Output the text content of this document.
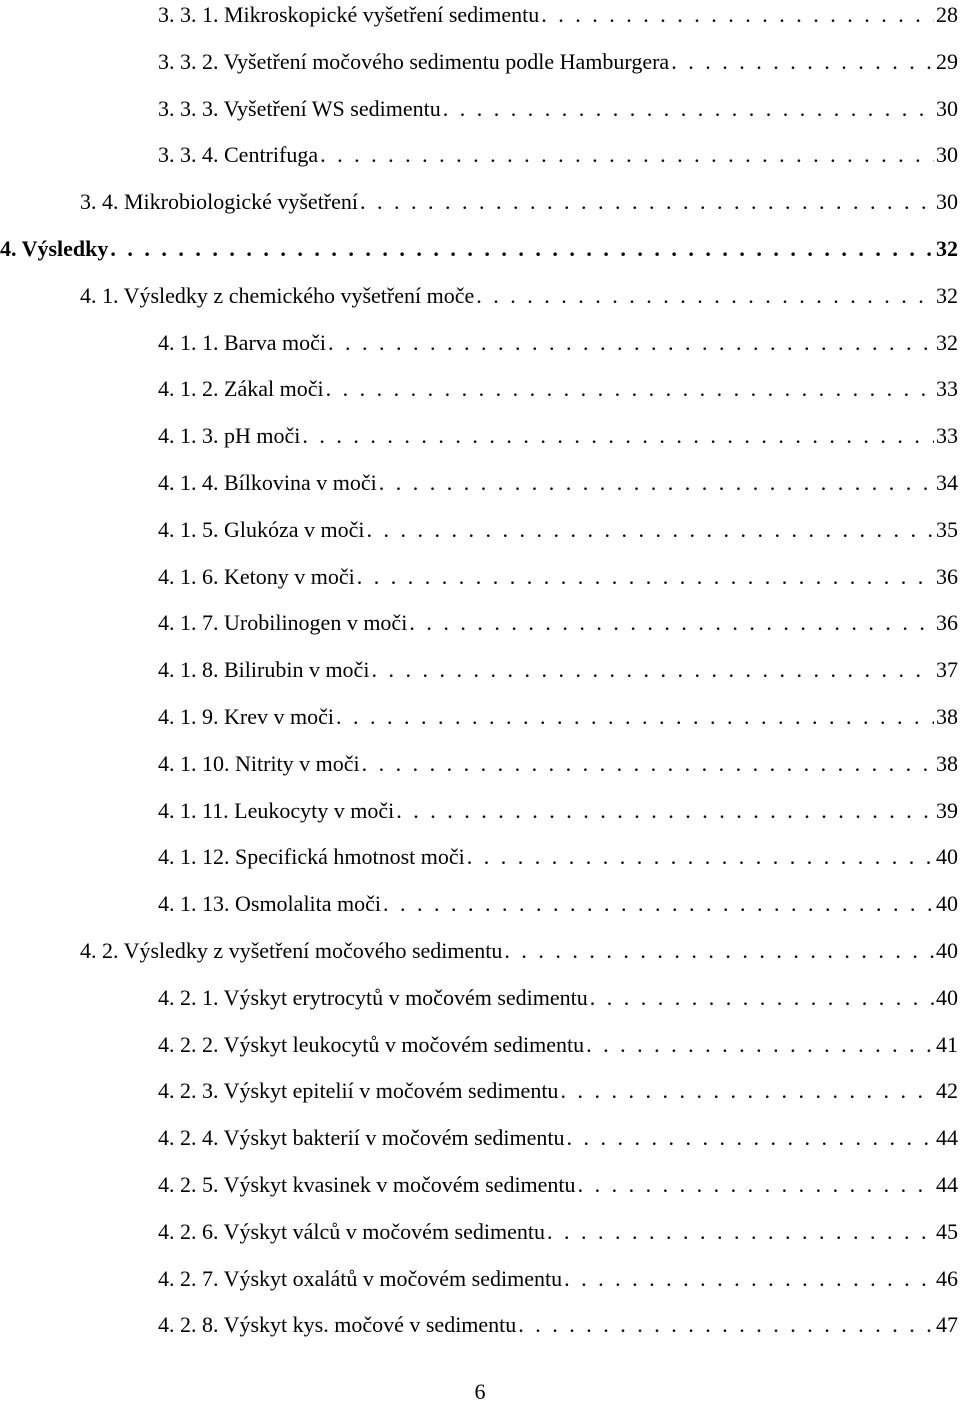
3. 3. 1. Mikroskopické vyšetření sedimentu . . .	28
3. 3. 2. Vyšetření močového sedimentu podle Hamburgera . . .	29
3. 3. 3. Vyšetření WS sedimentu . . .	30
3. 3. 4. Centrifuga . . .	30
3. 4. Mikrobiologické vyšetření . . .	30
4. Výsledky . . .	32
4. 1. Výsledky z chemického vyšetření moče . . .	32
4. 1. 1. Barva moči . . .	32
4. 1. 2. Zákal moči . . .	33
4. 1. 3. pH moči . . .	33
4. 1. 4. Bílkovina v moči . . .	34
4. 1. 5. Glukóza v moči . . .	35
4. 1. 6. Ketony v moči . . .	36
4. 1. 7. Urobilinogen v moči . . .	36
4. 1. 8. Bilirubin v moči . . .	37
4. 1. 9. Krev v moči . . .	38
4. 1. 10. Nitrity v moči . . .	38
4. 1. 11. Leukocyty v moči . . .	39
4. 1. 12. Specifická hmotnost moči . . .	40
4. 1. 13. Osmolalita moči . . .	40
4. 2. Výsledky z vyšetření močového sedimentu . . .	40
4. 2. 1. Výskyt erytrocytů v močovém sedimentu . . .	40
4. 2. 2. Výskyt leukocytů v močovém sedimentu . . .	41
4. 2. 3. Výskyt epitelií v močovém sedimentu . . .	42
4. 2. 4. Výskyt bakterií v močovém sedimentu . . .	44
4. 2. 5. Výskyt kvasinek v močovém sedimentu . . .	44
4. 2. 6. Výskyt válců v močovém sedimentu . . .	45
4. 2. 7. Výskyt oxalátů v močovém sedimentu . . .	46
4. 2. 8. Výskyt kys. močové v sedimentu . . .	47
6
